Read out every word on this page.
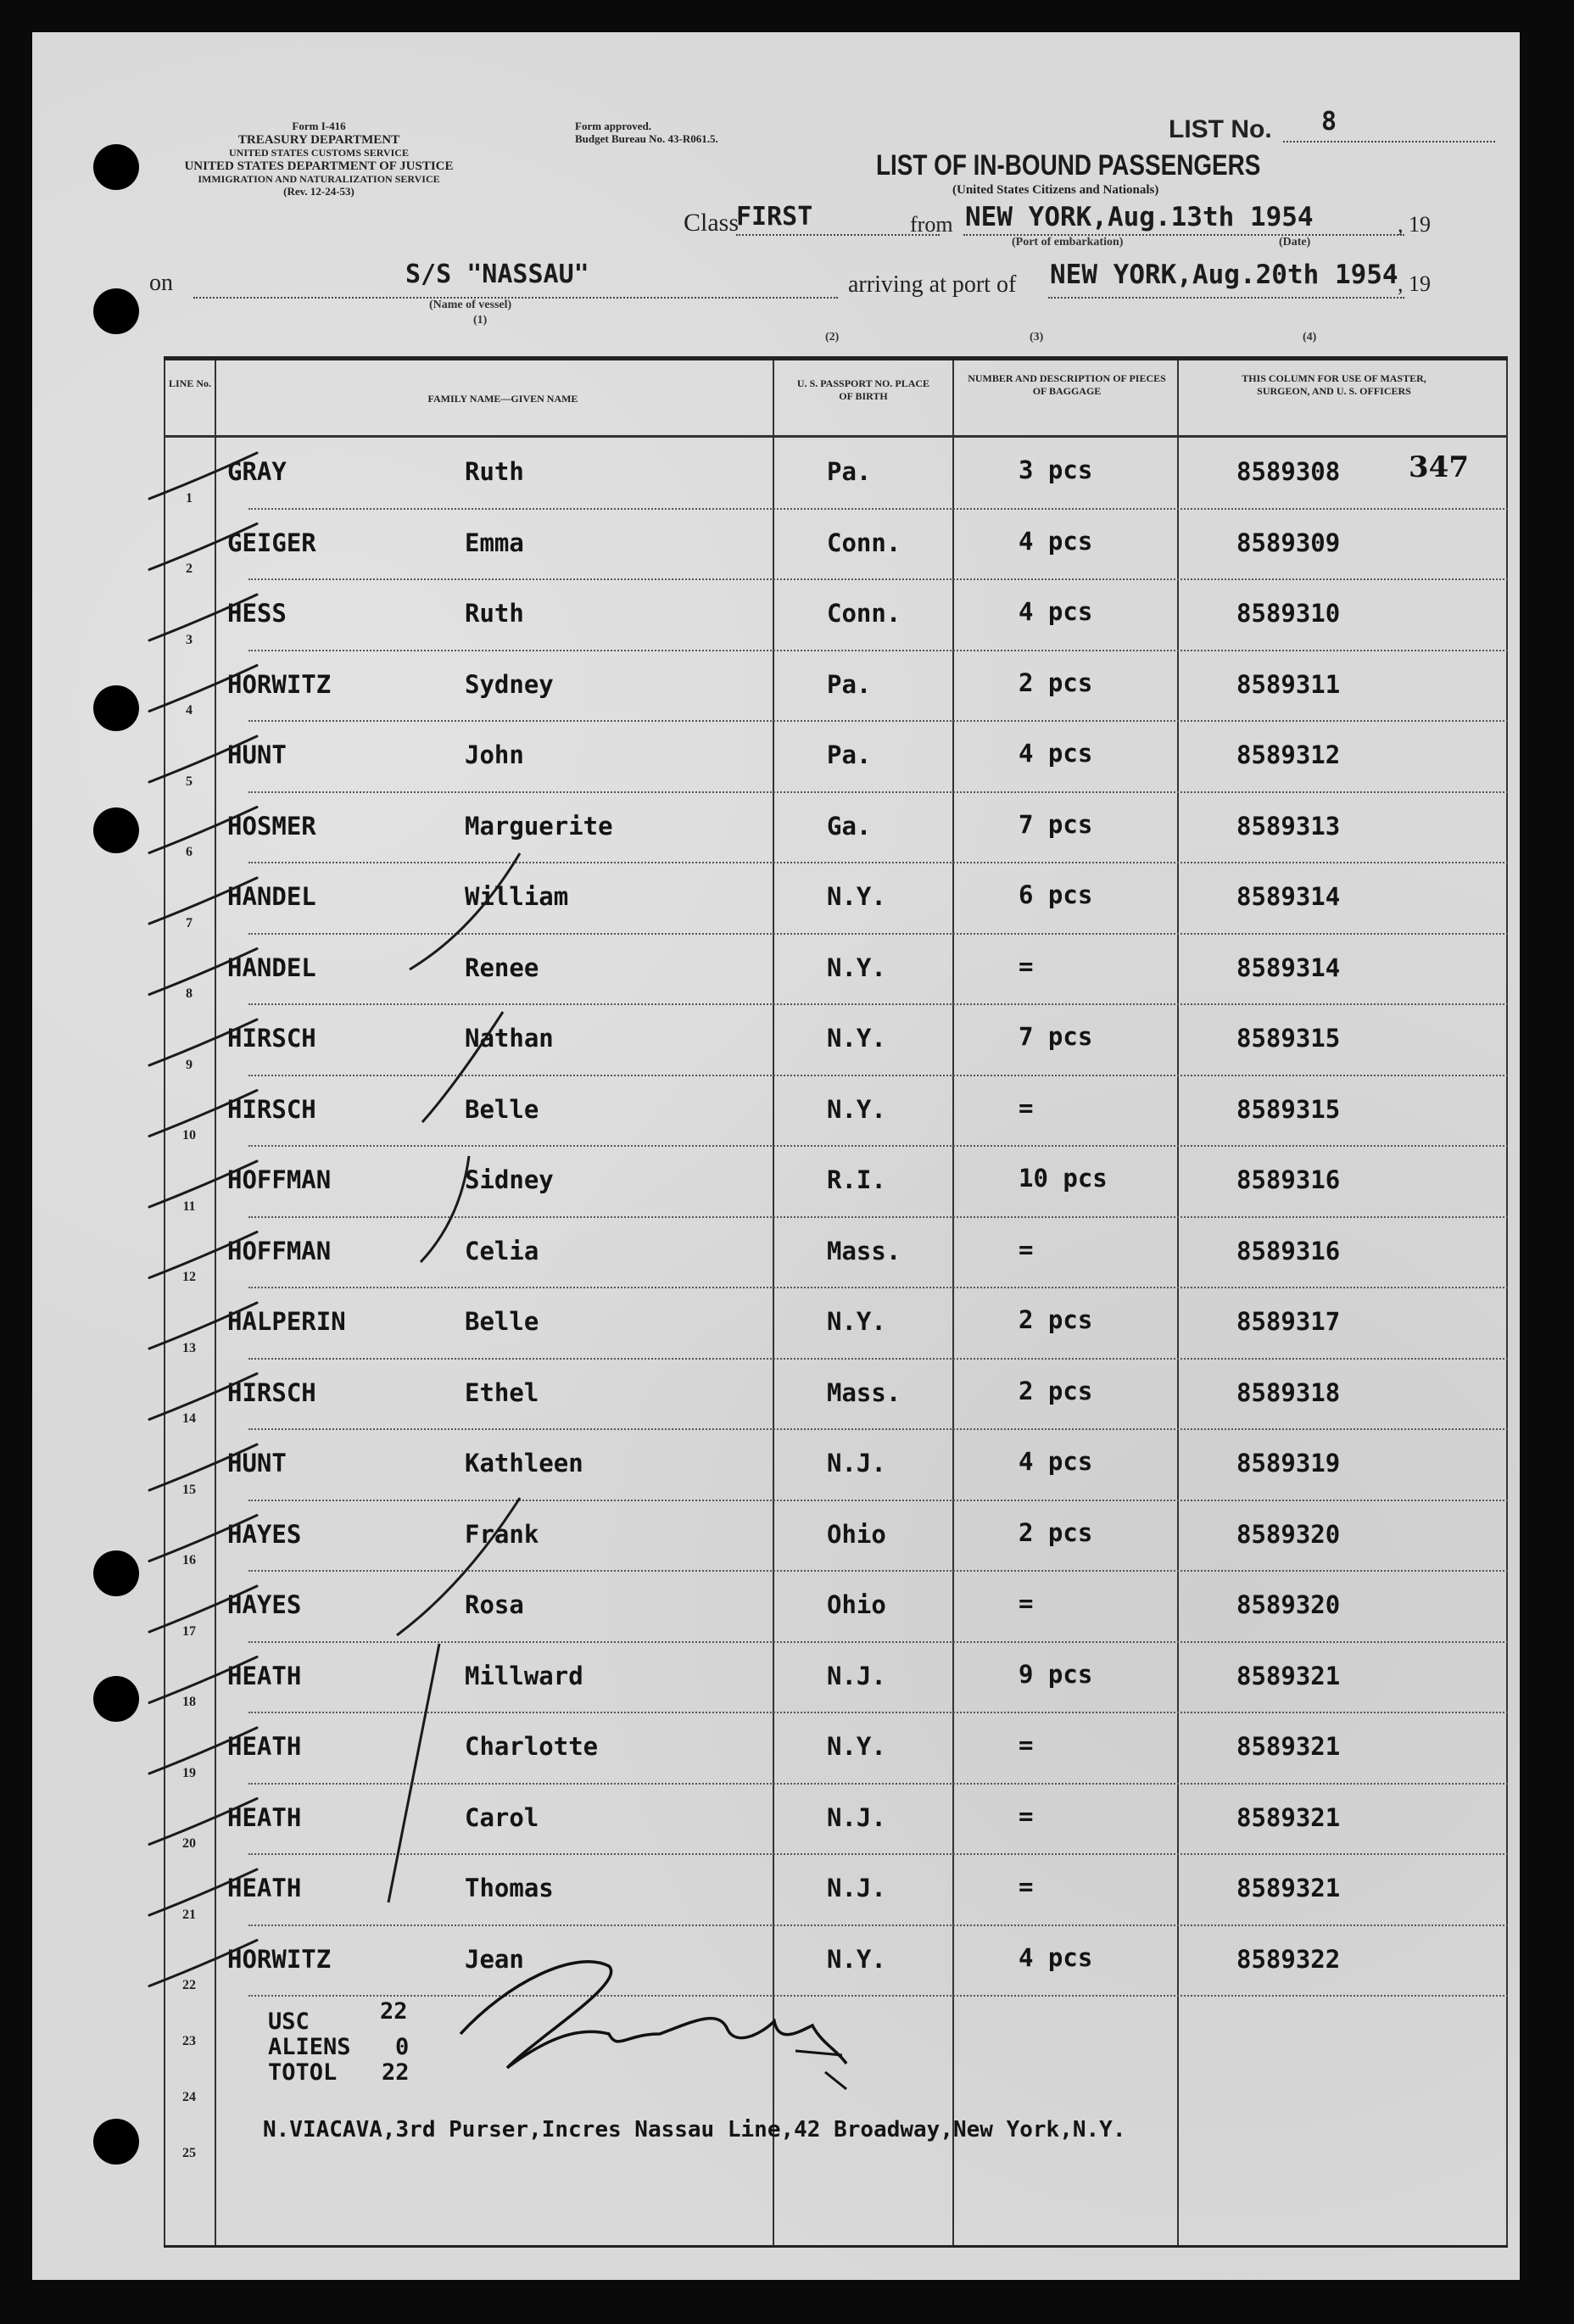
Form I-416
TREASURY DEPARTMENT
UNITED STATES CUSTOMS SERVICE
UNITED STATES DEPARTMENT OF JUSTICE
IMMIGRATION AND NATURALIZATION SERVICE
(Rev. 12-24-53)
Form approved.
Budget Bureau No. 43-R061.5.	LIST No. 8
LIST OF IN-BOUND PASSENGERS
(United States Citizens and Nationals)
Class
FIRST	from NEW YORK,Aug.13th 1954	, 19
(Port of embarkation)	(Date)
on	S/S "NASSAU"
(Name of vessel)
(1)
arriving at port of NEW YORK,Aug.20th 1954 , 19
(2)	(3)	(4)
LINE No.
FAMILY NAME—GIVEN NAME
U. S. PASSPORT NO. PLACE OF BIRTH
NUMBER AND DESCRIPTION OF PIECES OF BAGGAGE
THIS COLUMN FOR USE OF MASTER, SURGEON, AND U. S. OFFICERS
1
GRAY	Ruth	Pa.	3 pcs	8589308 347
2
GEIGER	Emma	Conn.	4 pcs	8589309
3
HESS	Ruth	Conn.	4 pcs	8589310
4
HORWITZ	Sydney	Pa.	2 pcs	8589311
5
HUNT	John	Pa.	4 pcs	8589312
6
HOSMER	Marguerite	Ga.	7 pcs	8589313
7
HANDEL	William	N.Y.	6 pcs	8589314
8
HANDEL	Renee	N.Y.	=	8589314
9
HIRSCH	Nathan	N.Y.	7 pcs	8589315
10
HIRSCH	Belle	N.Y.	=	8589315
11
HOFFMAN	Sidney	R.I.	10 pcs	8589316
12
HOFFMAN	Celia	Mass.	=	8589316
13
HALPERIN	Belle	N.Y.	2 pcs	8589317
14
HIRSCH	Ethel	Mass.	2 pcs	8589318
15
HUNT	Kathleen	N.J.	4 pcs	8589319
16
HAYES	Frank	Ohio	2 pcs	8589320
17
HAYES	Rosa	Ohio	=	8589320
18
HEATH	Millward	N.J.	9 pcs	8589321
19
HEATH	Charlotte	N.Y.	=	8589321
20
HEATH	Carol	N.J.	=	8589321
21
HEATH	Thomas	N.J.	=	8589321
22
HORWITZ	Jean	N.Y.	4 pcs	8589322
23
24
25
USC	22
ALIENS 0
TOTOL 22
N.VIACAVA,3rd Purser,Incres Nassau Line,42 Broadway,New York,N.Y.
